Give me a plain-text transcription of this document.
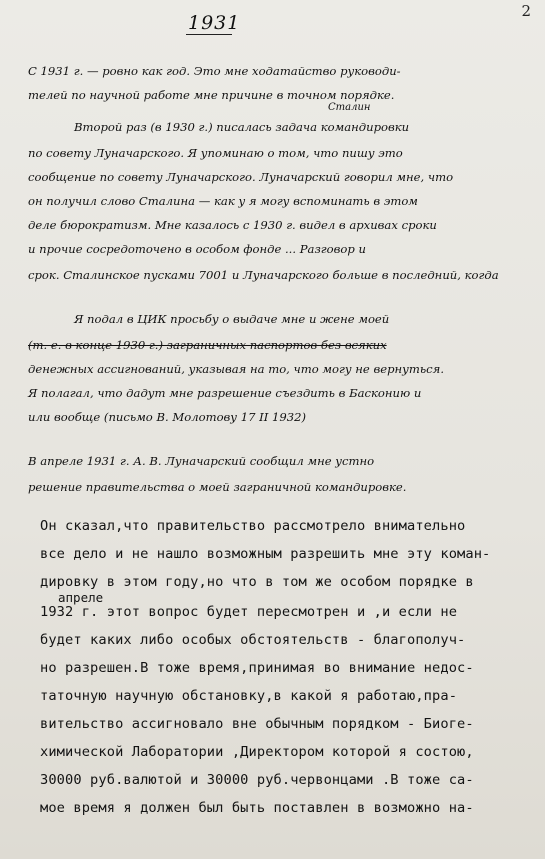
2
1931
С 1931 г. — ровно как год. Это мне ходатайство руководи-
телей по научной работе мне причине в точном порядке.
Сталин
Второй раз (в 1930 г.) писалась задача командировки
по совету Луначарского. Я упоминаю о том, что пишу это
сообщение по совету Луначарского. Луначарский говорил мне, что
он получил слово Сталина — как у я могу вспоминать в этом
деле бюрократизм. Мне казалось с 1930 г. видел в архивах сроки
и прочие сосредоточено в особом фонде ... Разговор и
срок. Сталинское пусками 7001 и Луначарского больше в последний, когда
Я подал в ЦИК просьбу о выдаче мне и жене моей
(т. е. в конце 1930 г.) заграничных паспортов без всяких
денежных ассигнований, указывая на то, что могу не вернуться.
Я полагал, что дадут мне разрешение съездить в Басконию и
или вообще (письмо В. Молотову 17 II 1932)
В апреле 1931 г. А. В. Луначарский сообщил мне устно
решение правительства о моей заграничной командировке.
Он сказал,что правительство рассмотрело внимательно
все дело и не нашло возможным разрешить мне эту коман-
дировку в этом году,но что в том же особом порядке в
апреле
1932 г. этот вопрос будет пересмотрен и ,и если не
будет каких либо особых обстоятельств - благополуч-
но разрешен.В тоже время,принимая во внимание недос-
таточную научную обстановку,в какой я работаю,пра-
вительство ассигновало вне обычным порядком - Биоге-
химической Лаборатории ,Директором которой я состою,
30000 руб.валютой и 30000 руб.червонцами .В тоже са-
мое время я должен был быть поставлен в возможно на-
